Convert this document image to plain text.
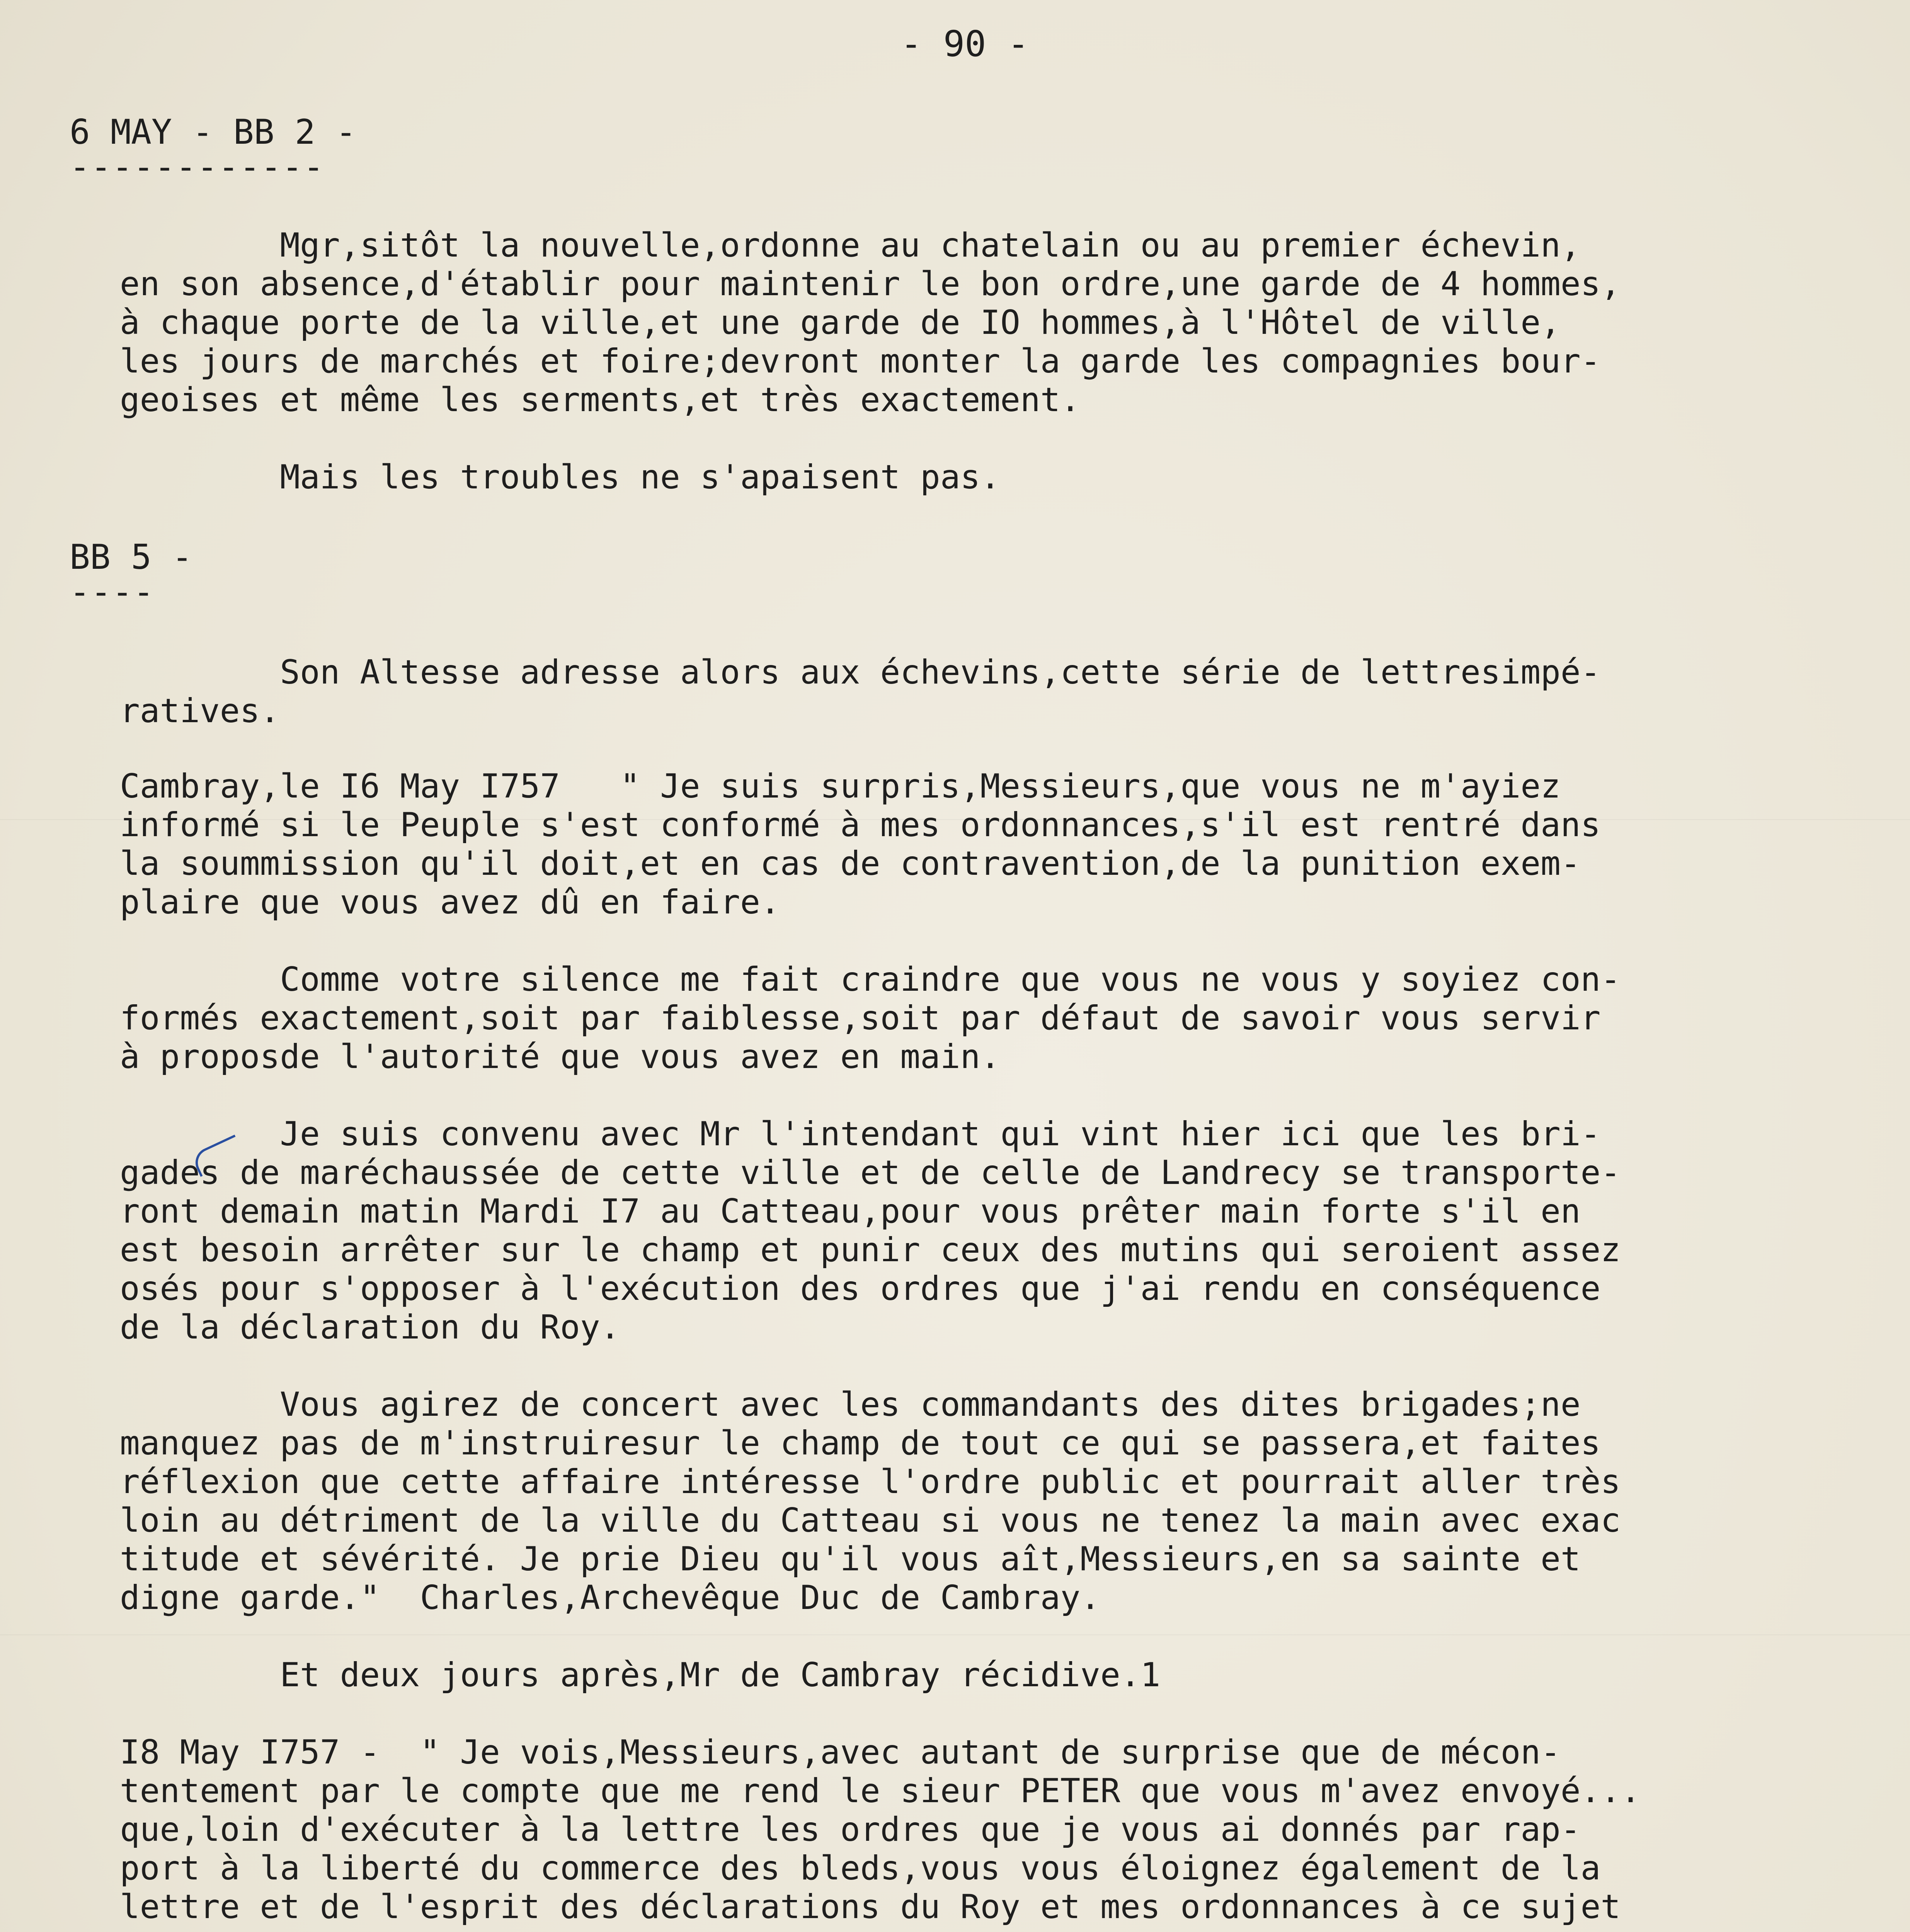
- 90 -
6 MAY - BB 2 -
------------
Mgr,sitôt la nouvelle,ordonne au chatelain ou au premier échevin,
en son absence,d'établir pour maintenir le bon ordre,une garde de 4 hommes,
à chaque porte de la ville,et une garde de IO hommes,à l'Hôtel de ville,
les jours de marchés et foire;devront monter la garde les compagnies bour-
geoises et même les serments,et très exactement.
Mais les troubles ne s'apaisent pas.
BB 5 -
----
Son Altesse adresse alors aux échevins,cette série de lettresimpé-
ratives.
Cambray,le I6 May I757   " Je suis surpris,Messieurs,que vous ne m'ayiez
informé si le Peuple s'est conformé à mes ordonnances,s'il est rentré dans
la soummission qu'il doit,et en cas de contravention,de la punition exem-
plaire que vous avez dû en faire.
Comme votre silence me fait craindre que vous ne vous y soyiez con-
formés exactement,soit par faiblesse,soit par défaut de savoir vous servir
à proposde l'autorité que vous avez en main.
Je suis convenu avec Mr l'intendant qui vint hier ici que les bri-
gades de maréchaussée de cette ville et de celle de Landrecy se transporte-
ront demain matin Mardi I7 au Catteau,pour vous prêter main forte s'il en
est besoin arrêter sur le champ et punir ceux des mutins qui seroient assez
osés pour s'opposer à l'exécution des ordres que j'ai rendu en conséquence
de la déclaration du Roy.
Vous agirez de concert avec les commandants des dites brigades;ne
manquez pas de m'instruiresur le champ de tout ce qui se passera,et faites
réflexion que cette affaire intéresse l'ordre public et pourrait aller très
loin au détriment de la ville du Catteau si vous ne tenez la main avec exac
titude et sévérité. Je prie Dieu qu'il vous aît,Messieurs,en sa sainte et
digne garde."  Charles,Archevêque Duc de Cambray.
Et deux jours après,Mr de Cambray récidive.1
I8 May I757 -  " Je vois,Messieurs,avec autant de surprise que de mécon-
tentement par le compte que me rend le sieur PETER que vous m'avez envoyé...
que,loin d'exécuter à la lettre les ordres que je vous ai donnés par rap-
port à la liberté du commerce des bleds,vous vous éloignez également de la
lettre et de l'esprit des déclarations du Roy et mes ordonnances à ce sujet
